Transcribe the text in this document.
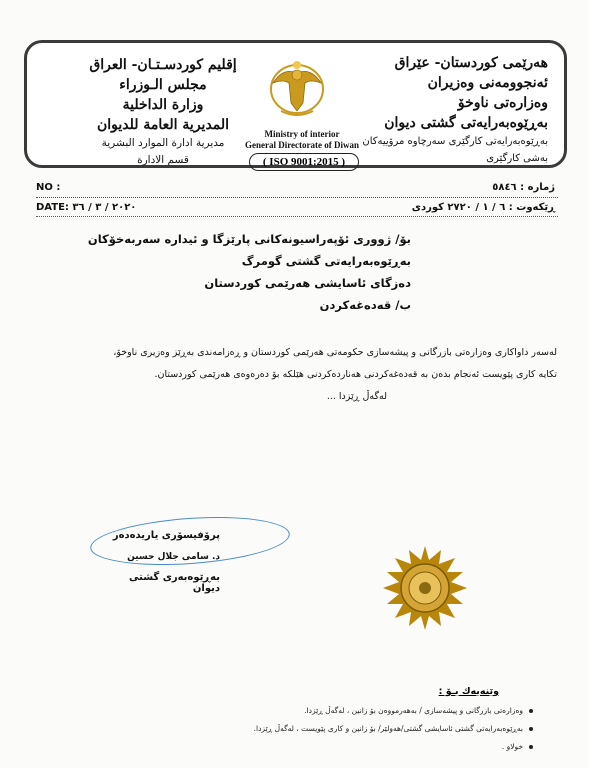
هەرێمی كوردستان- عێراق
ئەنجوومەنی وەزیران
وەزارەتی ناوخۆ
بەڕێوەبەرایەتی گشتی دیوان
بەڕێوەبەرایەتی كارگێری سەرچاوە مرۆییەكان
بەشی كارگێری
Ministry of interior
General Directorate of Diwan
( ISO 9001:2015 )
إقلیم كوردسـتـان- العراق
مجلس الـوزراء
وزارة الداخلیة
المدیریة العامة للدیوان
مدیریة ادارة الموارد البشریة
قسم الادارة
NO :	ژمارە : ٥٨٤٦
DATE: ٢٠٢٠ / ٣ / ٣٦	ڕێكەوت : ٦ / ١ / ٢٧٢٠ كوردی
بۆ/ ژووری ئۆپەراسیونەكانی پارێزگا و ئیدارە سەربەخۆكان
بەڕێوەبەرایەتی گشتی گومرگ
دەزگای ئاسایشی هەرێمی كوردستان
ب/ قەدەغەكردن
لەسەر داواكاری وەزارەتی بازرگانی و پیشەسازی حكومەتی هەرێمی كوردستان و ڕەزامەندی بەڕێز وەزیری ناوخۆ،
تكایە كاری پێویست ئەنجام بدەن بە قەدەغەكردنی هەناردەكردنی هێلكە بۆ دەرەوەی هەرێمی كوردستان.
لەگەڵ ڕێزدا ...
پرۆفیسۆری یاریدەدەر
د. سامی جلال حسین
بەڕێوەبەری گشتی دیوان
وێنەیەك بـۆ :
وەزارەتی بازرگانی و پیشەسازی / بەهەرمووەن بۆ زانین ، لەگەڵ ڕێزدا.
بەڕێوەبەرایەتی گشتی ئاسایشی گشتی/هەولێر/ بۆ زانین و كاری پێویست ، لەگەڵ ڕێزدا.
خولاو .
